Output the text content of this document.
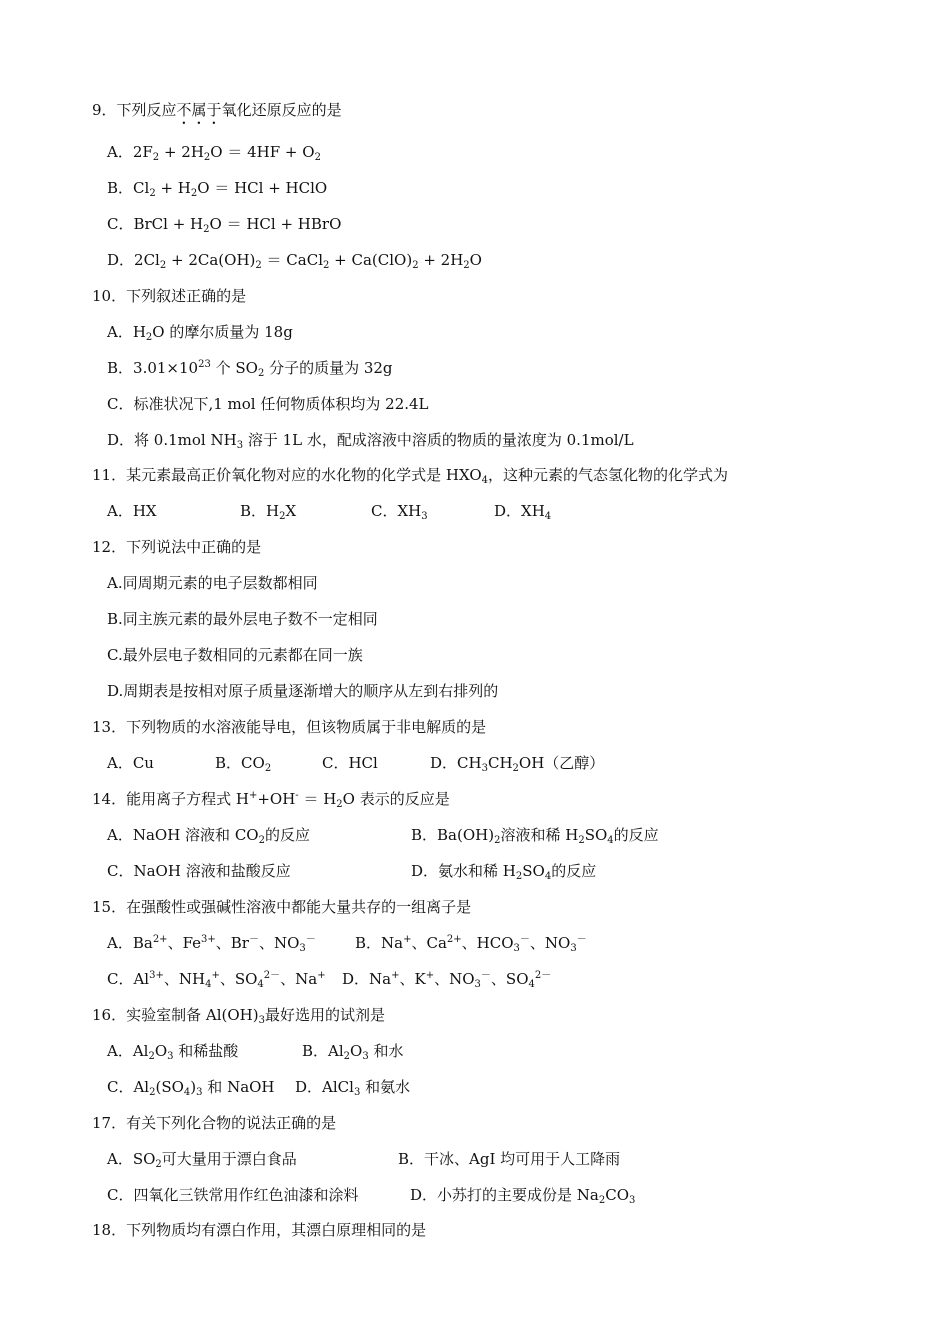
9．下列反应不属于氧化还原反应的是
A．$2F_2 + 2H_2O = 4HF + O_2$
B．$Cl_2 + H_2O$ ＝ HCl + HClO
C．BrCl + $H_2O$ ＝ HCl + HBrO
D．$2Cl_2 + 2Ca(OH)_2$ ＝ CaCl$_2$ + $Ca(ClO)_2 + 2H_2O$
10．下列叙述正确的是
A．$H_2O$ 的摩尔质量为 18g
B．$3.01\times 10^{23}$ 个 $SO_2$ 分子的质量为 32g
C．标准状况下,1 mol 任何物质体积均为 22.4L
D．将 0.1mol $NH_3$ 溶于 1L 水，配成溶液中溶质的物质的量浓度为 0.1mol/L
11．某元素最高正价氧化物对应的水化物的化学式是 $HXO_4$，这种元素的气态氢化物的化学式为
A．HX	B．$H_2X$	C．$XH_3$	D．$XH_4$
12．下列说法中正确的是
A.同周期元素的电子层数都相同
B.同主族元素的最外层电子数不一定相同
C.最外层电子数相同的元素都在同一族
D.周期表是按相对原子质量逐渐增大的顺序从左到右排列的
13．下列物质的水溶液能导电，但该物质属于非电解质的是
A．Cu	B．$CO_2$	C．HCl	D．$CH_3CH_2OH$（乙醇）
14．能用离子方程式 $H^++OH^- = H_2O$ 表示的反应是
A．NaOH 溶液和 $CO_2$的反应	B．$Ba(OH)_2$溶液和稀 $H_2SO_4$的反应
C．NaOH 溶液和盐酸反应	D．氨水和稀 $H_2SO_4$的反应
15．在强酸性或强碱性溶液中都能大量共存的一组离子是
A．$Ba^{2+}$、$Fe^{3+}$、Br－、$NO_3^-$	B．Na+、$Ca^{2+}$、$HCO_3^-$、$NO_3^-$
C．$Al^{3+}$、$NH_4^+$、$SO_4^{2-}$、Na+ D．Na+、K+、$NO_3^-$、$SO_4^{2-}$
16．实验室制备 $Al(OH)_3$最好选用的试剂是
A．$Al_2O_3$ 和稀盐酸	B．$Al_2O_3$ 和水
C．$Al_2(SO_4)_3$ 和 NaOH D．AlCl$_3$ 和氨水
17．有关下列化合物的说法正确的是
A．$SO_2$可大量用于漂白食品	B．干冰、AgI 均可用于人工降雨
C．四氧化三铁常用作红色油漆和涂料	D．小苏打的主要成份是 $Na_2CO_3$
18．下列物质均有漂白作用，其漂白原理相同的是
